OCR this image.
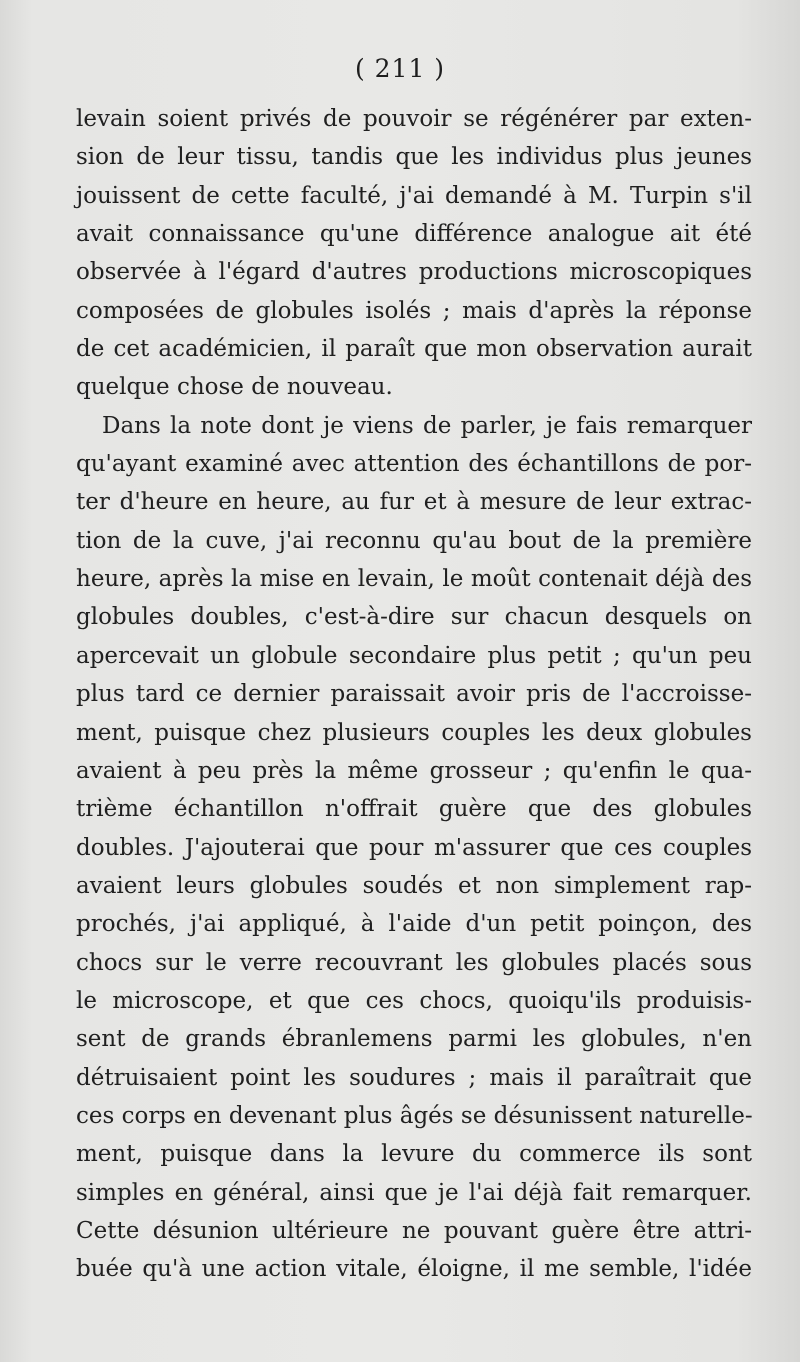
( 211 )
levain soient privés de pouvoir se régénérer par exten-
sion de leur tissu, tandis que les individus plus jeunes
jouissent de cette faculté, j'ai demandé à M. Turpin s'il
avait connaissance qu'une différence analogue ait été
observée à l'égard d'autres productions microscopiques
composées de globules isolés ; mais d'après la réponse
de cet académicien, il paraît que mon observation aurait
quelque chose de nouveau.
Dans la note dont je viens de parler, je fais remarquer
qu'ayant examiné avec attention des échantillons de por-
ter d'heure en heure, au fur et à mesure de leur extrac-
tion de la cuve, j'ai reconnu qu'au bout de la première
heure, après la mise en levain, le moût contenait déjà des
globules doubles, c'est-à-dire sur chacun desquels on
apercevait un globule secondaire plus petit ; qu'un peu
plus tard ce dernier paraissait avoir pris de l'accroisse-
ment, puisque chez plusieurs couples les deux globules
avaient à peu près la même grosseur ; qu'enfin le qua-
trième échantillon n'offrait guère que des globules
doubles. J'ajouterai que pour m'assurer que ces couples
avaient leurs globules soudés et non simplement rap-
prochés, j'ai appliqué, à l'aide d'un petit poinçon, des
chocs sur le verre recouvrant les globules placés sous
le microscope, et que ces chocs, quoiqu'ils produisis-
sent de grands ébranlemens parmi les globules, n'en
détruisaient point les soudures ; mais il paraîtrait que
ces corps en devenant plus âgés se désunissent naturelle-
ment, puisque dans la levure du commerce ils sont
simples en général, ainsi que je l'ai déjà fait remarquer.
Cette désunion ultérieure ne pouvant guère être attri-
buée qu'à une action vitale, éloigne, il me semble, l'idée
